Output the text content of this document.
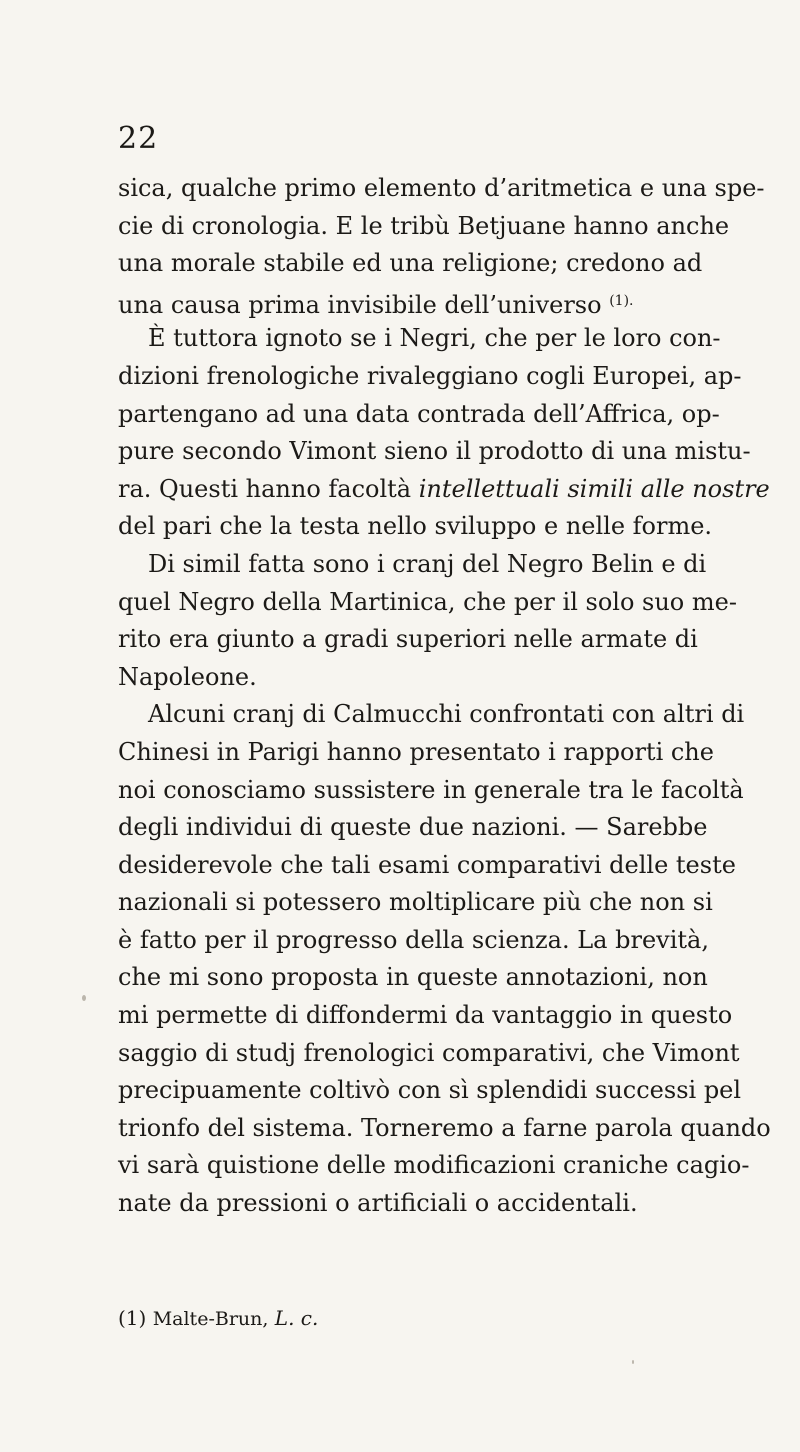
22
sica, qualche primo elemento d’aritmetica e una spe-
cie di cronologia. E le tribù Betjuane hanno anche
una morale stabile ed una religione; credono ad
una causa prima invisibile dell’universo $^{(1).}$
È tuttora ignoto se i Negri, che per le loro con-
dizioni frenologiche rivaleggiano cogli Europei, ap-
partengano ad una data contrada dell’Affrica, op-
pure secondo Vimont sieno il prodotto di una mistu-
ra. Questi hanno facoltà intellettuali simili alle nostre
del pari che la testa nello sviluppo e nelle forme.
Di simil fatta sono i cranj del Negro Belin e di
quel Negro della Martinica, che per il solo suo me-
rito era giunto a gradi superiori nelle armate di
Napoleone.
Alcuni cranj di Calmucchi confrontati con altri di
Chinesi in Parigi hanno presentato i rapporti che
noi conosciamo sussistere in generale tra le facoltà
degli individui di queste due nazioni. — Sarebbe
desiderevole che tali esami comparativi delle teste
nazionali si potessero moltiplicare più che non si
è fatto per il progresso della scienza. La brevità,
che mi sono proposta in queste annotazioni, non
mi permette di diffondermi da vantaggio in questo
saggio di studj frenologici comparativi, che Vimont
precipuamente coltivò con sì splendidi successi pel
trionfo del sistema. Torneremo a farne parola quando
vi sarà quistione delle modificazioni craniche cagio-
nate da pressioni o artificiali o accidentali.
(1) Malte-Brun, L. c.
